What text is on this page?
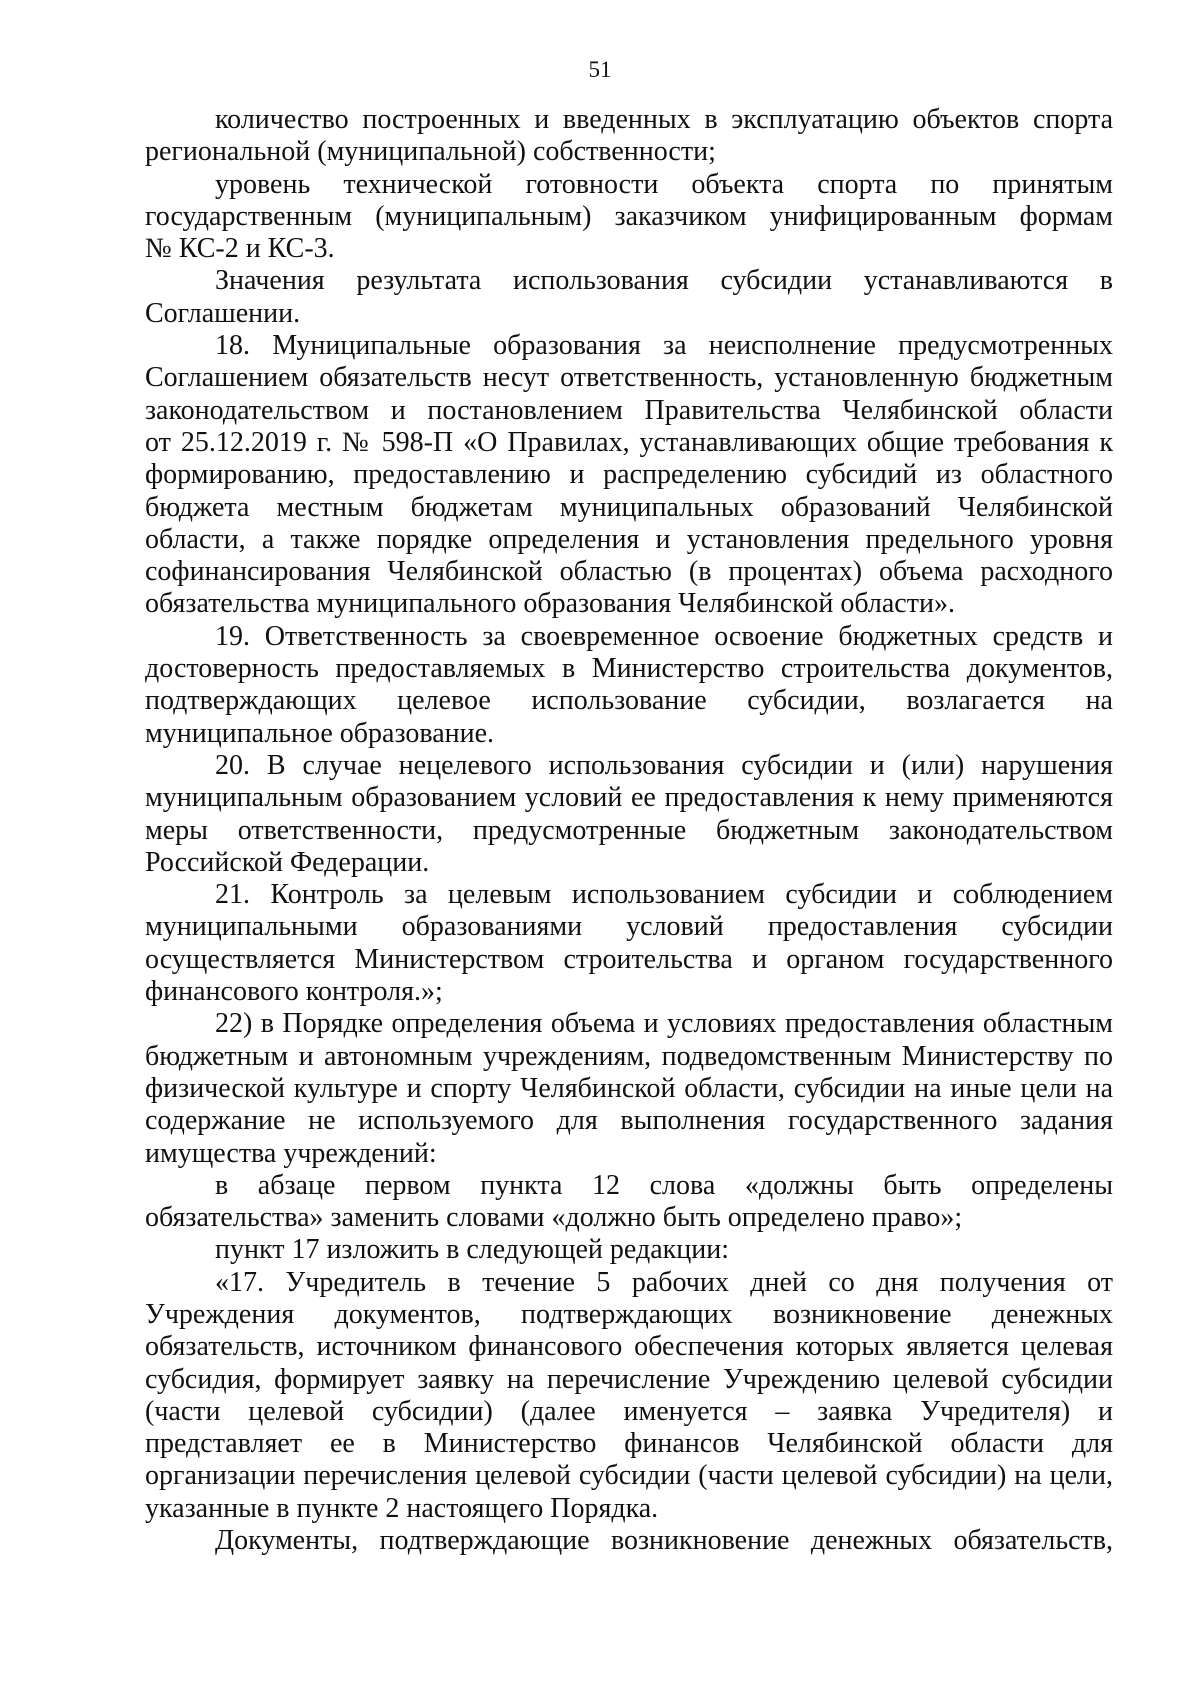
51
количество построенных и введенных в эксплуатацию объектов спорта
региональной (муниципальной) собственности;
уровень технической готовности объекта спорта по принятым
государственным (муниципальным) заказчиком унифицированным формам
№ КС-2 и КС-3.
Значения результата использования субсидии устанавливаются в
Соглашении.
18. Муниципальные образования за неисполнение предусмотренных
Соглашением обязательств несут ответственность, установленную бюджетным
законодательством и постановлением Правительства Челябинской области
от 25.12.2019 г. № 598-П «О Правилах, устанавливающих общие требования к
формированию, предоставлению и распределению субсидий из областного
бюджета местным бюджетам муниципальных образований Челябинской
области, а также порядке определения и установления предельного уровня
софинансирования Челябинской областью (в процентах) объема расходного
обязательства муниципального образования Челябинской области».
19. Ответственность за своевременное освоение бюджетных средств и
достоверность предоставляемых в Министерство строительства документов,
подтверждающих целевое использование субсидии, возлагается на
муниципальное образование.
20. В случае нецелевого использования субсидии и (или) нарушения
муниципальным образованием условий ее предоставления к нему применяются
меры ответственности, предусмотренные бюджетным законодательством
Российской Федерации.
21. Контроль за целевым использованием субсидии и соблюдением
муниципальными образованиями условий предоставления субсидии
осуществляется Министерством строительства и органом государственного
финансового контроля.»;
22) в Порядке определения объема и условиях предоставления областным
бюджетным и автономным учреждениям, подведомственным Министерству по
физической культуре и спорту Челябинской области, субсидии на иные цели на
содержание не используемого для выполнения государственного задания
имущества учреждений:
в абзаце первом пункта 12 слова «должны быть определены
обязательства» заменить словами «должно быть определено право»;
пункт 17 изложить в следующей редакции:
«17. Учредитель в течение 5 рабочих дней со дня получения от
Учреждения документов, подтверждающих возникновение денежных
обязательств, источником финансового обеспечения которых является целевая
субсидия, формирует заявку на перечисление Учреждению целевой субсидии
(части целевой субсидии) (далее именуется – заявка Учредителя) и
представляет ее в Министерство финансов Челябинской области для
организации перечисления целевой субсидии (части целевой субсидии) на цели,
указанные в пункте 2 настоящего Порядка.
Документы, подтверждающие возникновение денежных обязательств,
